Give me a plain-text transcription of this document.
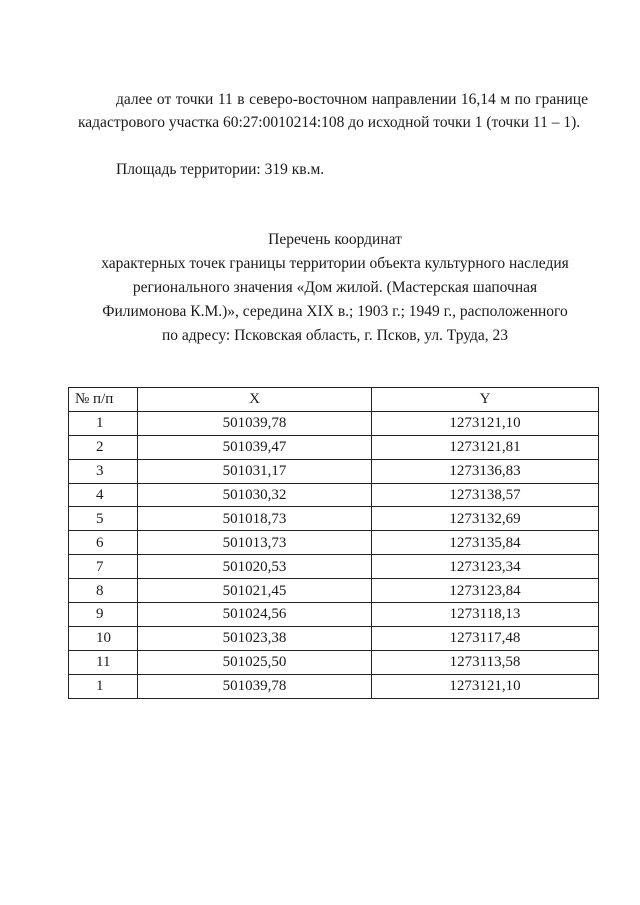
далее от точки 11 в северо-восточном направлении 16,14 м по границе кадастрового участка 60:27:0010214:108 до исходной точки 1 (точки 11 – 1).

Площадь территории: 319 кв.м.

Перечень координат
характерных точек границы территории объекта культурного наследия
регионального значения «Дом жилой. (Мастерская шапочная
Филимонова К.М.)», середина XIX в.; 1903 г.; 1949 г., расположенного
по адресу: Псковская область, г. Псков, ул. Труда, 23
№ п/п	X	Y
1	501039,78	1273121,10
2	501039,47	1273121,81
3	501031,17	1273136,83
4	501030,32	1273138,57
5	501018,73	1273132,69
6	501013,73	1273135,84
7	501020,53	1273123,34
8	501021,45	1273123,84
9	501024,56	1273118,13
10	501023,38	1273117,48
11	501025,50	1273113,58
1	501039,78	1273121,10
